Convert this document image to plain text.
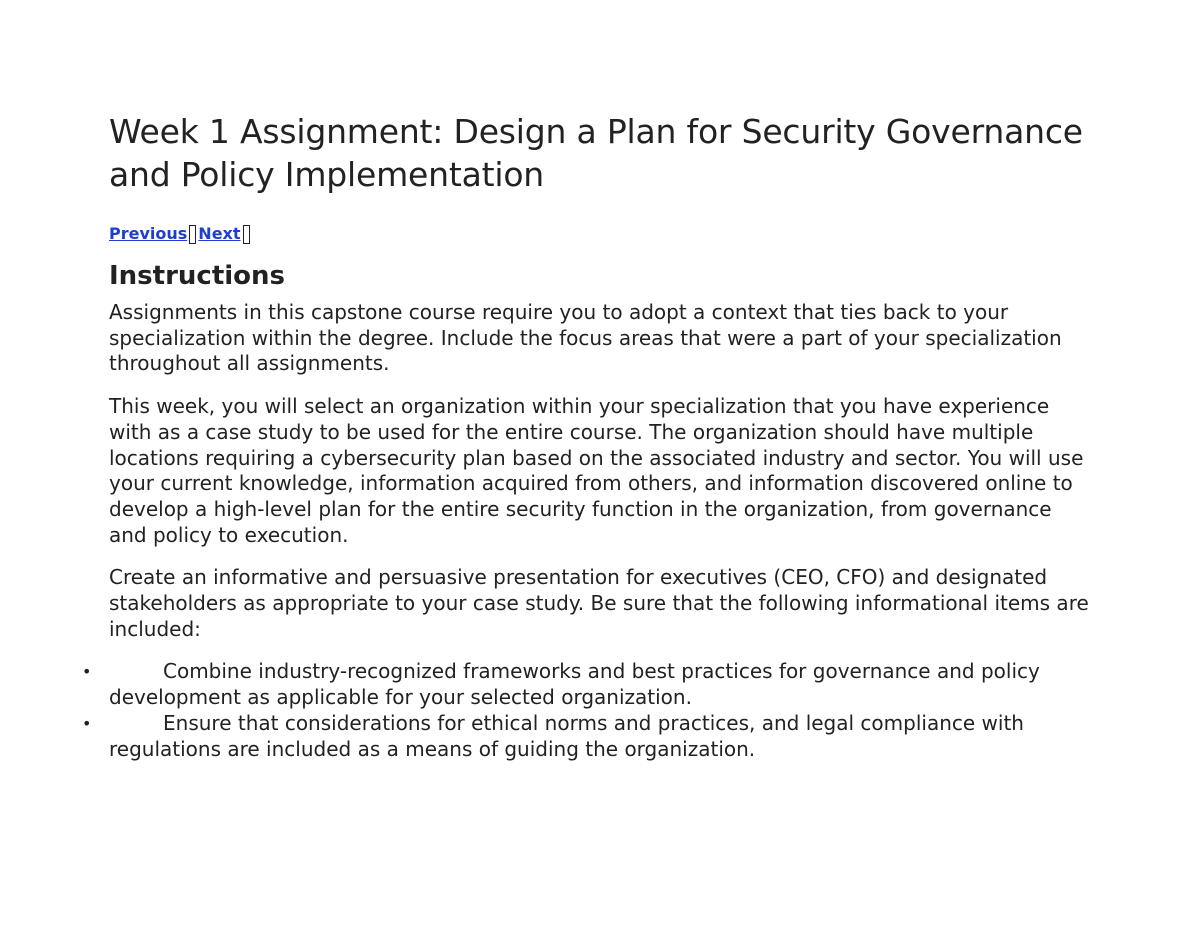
Week 1 Assignment: Design a Plan for Security Governance and Policy Implementation
Previous Next
Instructions

Assignments in this capstone course require you to adopt a context that ties back to your specialization within the degree. Include the focus areas that were a part of your specialization throughout all assignments.

This week, you will select an organization within your specialization that you have experience with as a case study to be used for the entire course. The organization should have multiple locations requiring a cybersecurity plan based on the associated industry and sector. You will use your current knowledge, information acquired from others, and information discovered online to develop a high-level plan for the entire security function in the organization, from governance and policy to execution.

Create an informative and persuasive presentation for executives (CEO, CFO) and designated stakeholders as appropriate to your case study. Be sure that the following informational items are included:

•	Combine industry-recognized frameworks and best practices for governance and policy development as applicable for your selected organization.
•	Ensure that considerations for ethical norms and practices, and legal compliance with regulations are included as a means of guiding the organization.
